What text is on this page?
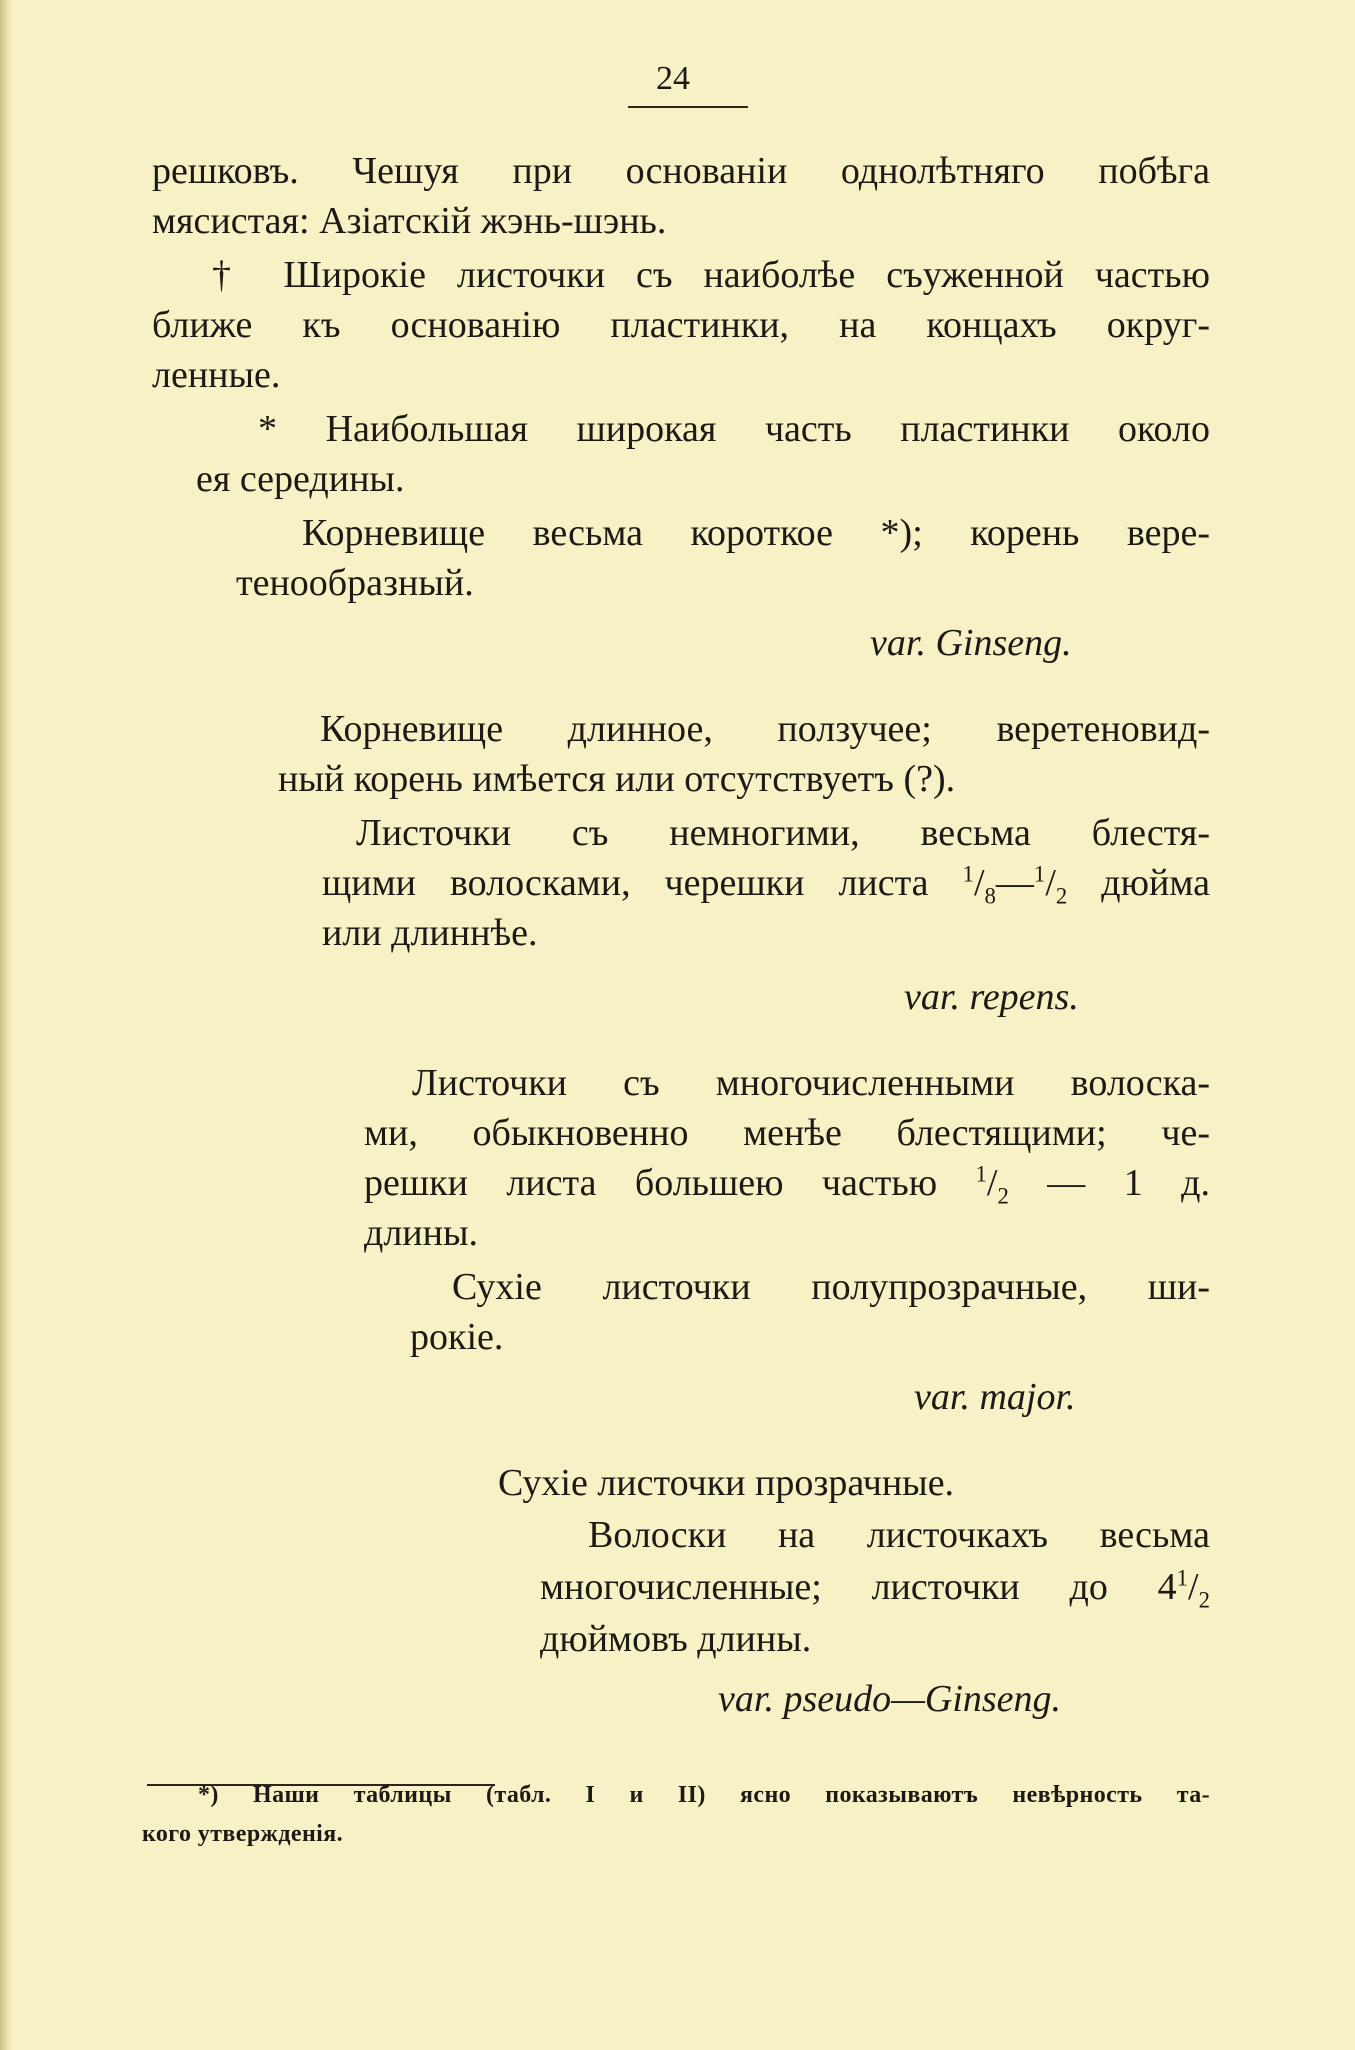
24
решковъ. Чешуя при основаніи однолѣтняго побѣга
мясистая: Азіатскій жэнь-шэнь.
† Широкіе листочки съ наиболѣе съуженной частью
ближе къ основанію пластинки, на концахъ округ-
ленные.
* Наибольшая широкая часть пластинки около
ея середины.
Корневище весьма короткое *); корень вере-
тенообразный.
var. Ginseng.
Корневище длинное, ползучее; веретеновид-
ный корень имѣется или отсутствуетъ (?).
Листочки съ немногими, весьма блестя-
щими волосками, черешки листа $^1/_8—^1/_2$ дюйма
или длиннѣе.
var. repens.
Листочки съ многочисленными волоска-
ми, обыкновенно менѣе блестящими; че-
решки листа большею частью $^1/_2$ — 1 д.
длины.
Сухіе листочки полупрозрачные, ши-
рокіе.
var. major.
Сухіе листочки прозрачные.
Волоски на листочкахъ весьма
многочисленные; листочки до $4^1/_2$
дюймовъ длины.
var. pseudo—Ginseng.
*) Наши таблицы (табл. I и II) ясно показываютъ невѣрность та-
кого утвержденія.
